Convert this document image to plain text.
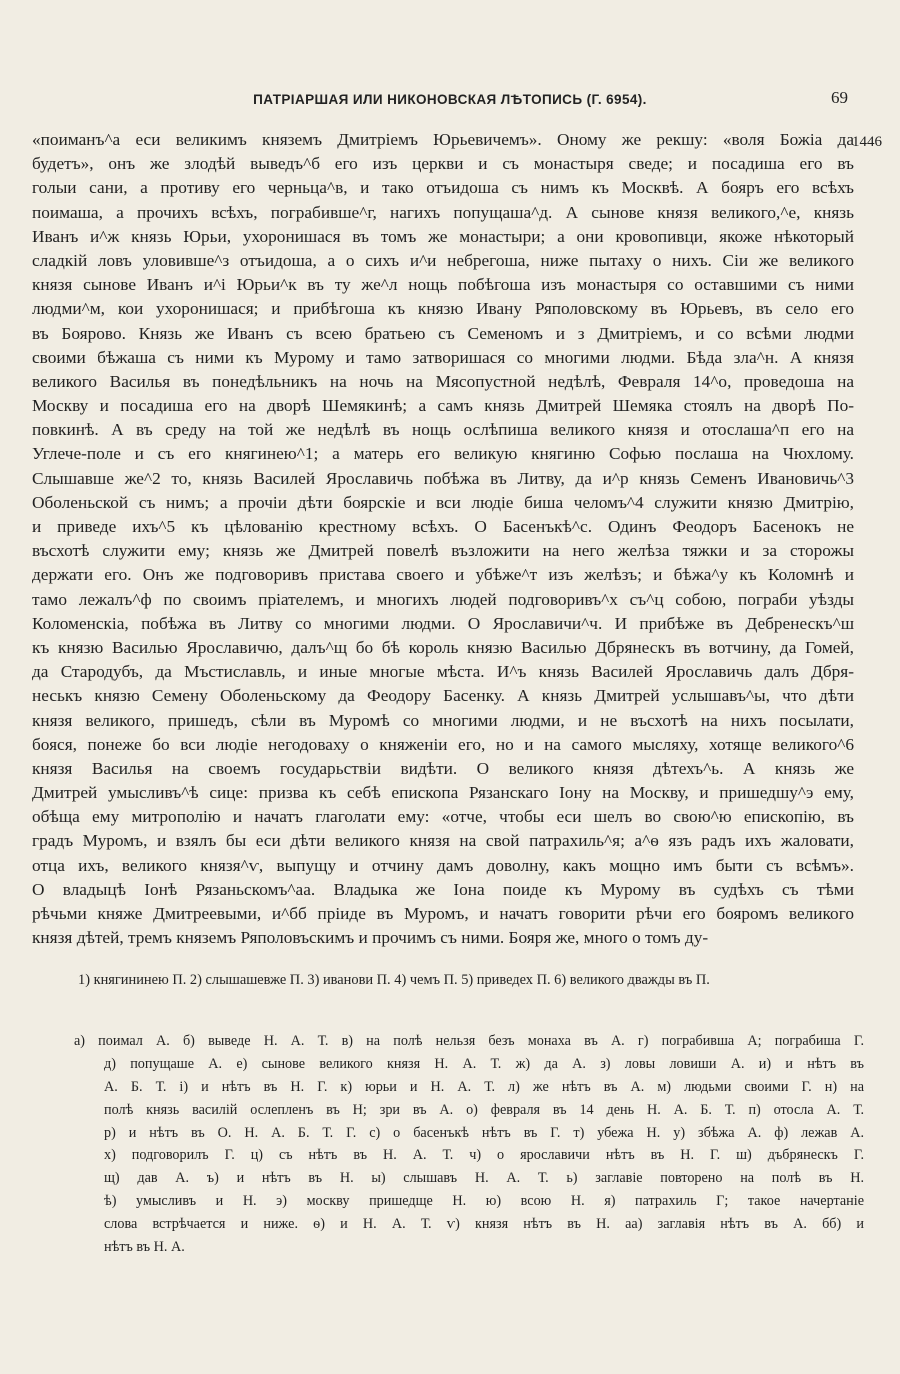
ПАТРІАРШАЯ ИЛИ НИКОНОВСКАЯ ЛѢТОПИСЬ (Г. 6954).	69
1446
«поиманъ^а еси великимъ княземъ Дмитріемъ Юрьевичемъ». Оному же рекшу: «воля Божіа да
будетъ», онъ же злодѣй выведъ^б его изъ церкви и съ монастыря сведе; и посадиша его въ
голыи сани, а противу его черньца^в, и тако отъидоша съ нимъ къ Москвѣ. А бояръ его всѣхъ
поимаша, а прочихъ всѣхъ, пограбивше^г, нагихъ попущаша^д. А сынове князя великого,^е, князь
Иванъ и^ж князь Юрьи, ухоронишася въ томъ же монастыри; а они кровопивци, якоже нѣкоторый
сладкій ловъ уловивше^з отъидоша, а о сихъ и^и небрегоша, ниже пытаху о нихъ. Сіи же великого
князя сынове Иванъ и^і Юрьи^к въ ту же^л нощь побѣгоша изъ монастыря со оставшими съ ними
людми^м, кои ухоронишася; и прибѣгоша къ князю Ивану Ряполовскому въ Юрьевъ, въ село его
въ Боярово. Князь же Иванъ съ всею братьею съ Семеномъ и з Дмитріемъ, и со всѣми людми
своими бѣжаша съ ними къ Мурому и тамо затворишася со многими людми. Бѣда зла^н. А князя
великого Василья въ понедѣльникъ на ночь на Мясопустной недѣлѣ, Февраля 14^о, проведоша на
Москву и посадиша его на дворѣ Шемякинѣ; а самъ князь Дмитрей Шемяка стоялъ на дворѣ По-
повкинѣ. А въ среду на той же недѣлѣ въ нощь ослѣпиша великого князя и отослаша^п его на
Углече-поле и съ его княгинею^1; а матерь его великую княгиню Софью послаша на Чюхлому.
Слышавше же^2 то, князь Василей Ярославичь побѣжа въ Литву, да и^р князь Семенъ Ивановичь^3
Оболеньской съ нимъ; а прочіи дѣти боярскіе и вси людіе биша челомъ^4 служити князю Дмитрію,
и приведе ихъ^5 къ цѣлованію крестному всѣхъ. О Басенъкѣ^с. Одинъ Феодоръ Басенокъ не
въсхотѣ служити ему; князь же Дмитрей повелѣ възложити на него желѣза тяжки и за сторожы
держати его. Онъ же подговоривъ пристава своего и убѣже^т изъ желѣзъ; и бѣжа^у къ Коломнѣ и
тамо лежалъ^ф по своимъ пріателемъ, и многихъ людей подговоривъ^х съ^ц собою, пограби уѣзды
Коломенскіа, побѣжа въ Литву со многими людми. О Ярославичи^ч. И прибѣже въ Дебренескъ^ш
къ князю Василью Ярославичю, далъ^щ бо бѣ король князю Василью Дбрянескъ въ вотчину, да Гомей,
да Стародубъ, да Мъстиславль, и иные многые мѣста. И^ъ князь Василей Ярославичь далъ Дбря-
неськъ князю Семену Оболеньскому да Феодору Басенку. А князь Дмитрей услышавъ^ы, что дѣти
князя великого, пришедъ, сѣли въ Муромѣ со многими людми, и не въсхотѣ на нихъ посылати,
бояся, понеже бо вси людіе негодоваху о княженіи его, но и на самого мысляху, хотяще великого^6
князя Василья на своемъ государьствіи видѣти. О великого князя дѣтехъ^ь. А князь же
Дмитрей умысливъ^ѣ сице: призва къ себѣ епископа Рязанскаго Іону на Москву, и пришедшу^э ему,
обѣща ему митрополію и начатъ глаголати ему: «отче, чтобы еси шелъ во свою^ю епископію, въ
градъ Муромъ, и взялъ бы еси дѣти великого князя на свой патрахиль^я; а^ѳ язъ радъ ихъ жаловати,
отца ихъ, великого князя^ѵ, выпущу и отчину дамъ доволну, какъ мощно имъ быти съ всѣмъ».
О владыцѣ Іонѣ Рязаньскомъ^аа. Владыка же Іона поиде къ Мурому въ судѣхъ съ тѣми
рѣчьми княже Дмитреевыми, и^бб пріиде въ Муромъ, и начатъ говорити рѣчи его бояромъ великого
князя дѣтей, тремъ княземъ Ряполовъскимъ и прочимъ съ ними. Бояря же, много о томъ ду-
1) княгининею П. 2) слышашевже П. 3) иванови П. 4) чемъ П. 5) приведех П. 6) великого дважды въ П.
а) поимал А. б) выведе Н. А. Т. в) на полѣ нельзя безъ монаха въ А. г) пограбивша А; пограбиша Г.
д) попущаше А. е) сынове великого князя Н. А. Т. ж) да А. з) ловы ловиши А. и) и нѣтъ въ
А. Б. Т. і) и нѣтъ въ Н. Г. к) юрьи и Н. А. Т. л) же нѣтъ въ А. м) людьми своими Г. н) на
полѣ князь василій ослепленъ въ Н; зри въ А. о) февраля въ 14 день Н. А. Б. Т. п) отосла А. Т.
р) и нѣтъ въ О. Н. А. Б. Т. Г. с) о басенъкѣ нѣтъ въ Г. т) убежа Н. у) збѣжа А. ф) лежав А.
х) подговорилъ Г. ц) съ нѣтъ въ Н. А. Т. ч) о ярославичи нѣтъ въ Н. Г. ш) дъбрянескъ Г.
щ) дав А. ъ) и нѣтъ въ Н. ы) слышавъ Н. А. Т. ь) заглавіе повторено на полѣ въ Н.
ѣ) умысливъ и Н. э) москву пришедще Н. ю) всою Н. я) патрахиль Г; такое начертаніе
слова встрѣчается и ниже. ѳ) и Н. А. Т. ѵ) князя нѣтъ въ Н. аа) заглавія нѣтъ въ А. бб) и
нѣтъ въ Н. А.
